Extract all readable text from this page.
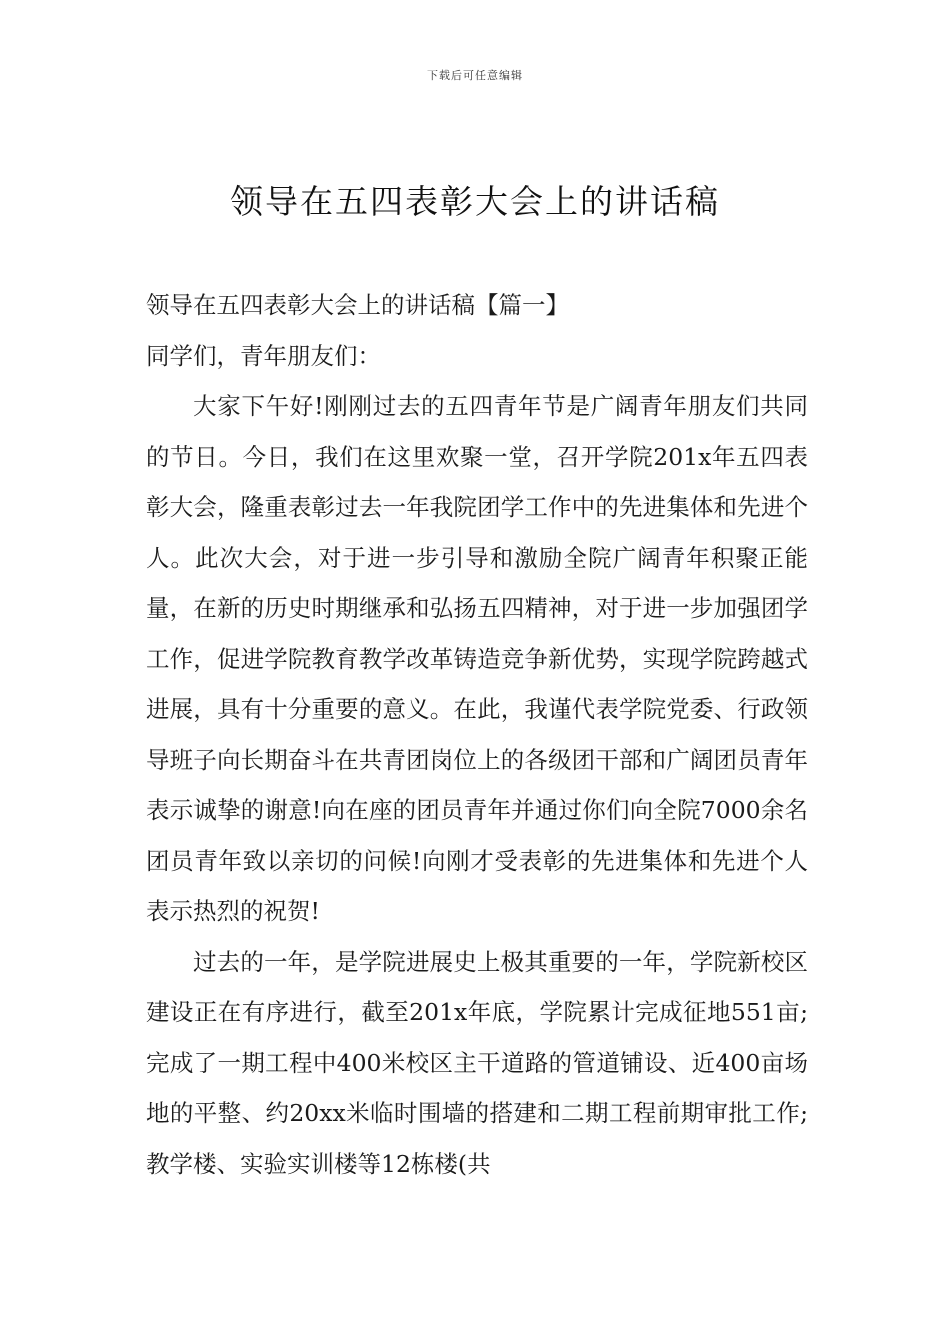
下载后可任意编辑
领导在五四表彰大会上的讲话稿

领导在五四表彰大会上的讲话稿【篇一】

同学们，青年朋友们：

大家下午好!刚刚过去的五四青年节是广阔青年朋友们共同的节日。今日，我们在这里欢聚一堂，召开学院201x年五四表彰大会，隆重表彰过去一年我院团学工作中的先进集体和先进个人。此次大会，对于进一步引导和激励全院广阔青年积聚正能量，在新的历史时期继承和弘扬五四精神，对于进一步加强团学工作，促进学院教育教学改革铸造竞争新优势，实现学院跨越式进展，具有十分重要的意义。在此，我谨代表学院党委、行政领导班子向长期奋斗在共青团岗位上的各级团干部和广阔团员青年表示诚挚的谢意!向在座的团员青年并通过你们向全院7000余名团员青年致以亲切的问候!向刚才受表彰的先进集体和先进个人表示热烈的祝贺!

过去的一年，是学院进展史上极其重要的一年，学院新校区建设正在有序进行，截至201x年底，学院累计完成征地551亩;完成了一期工程中400米校区主干道路的管道铺设、近400亩场地的平整、约20xx米临时围墙的搭建和二期工程前期审批工作;教学楼、实验实训楼等12栋楼(共
